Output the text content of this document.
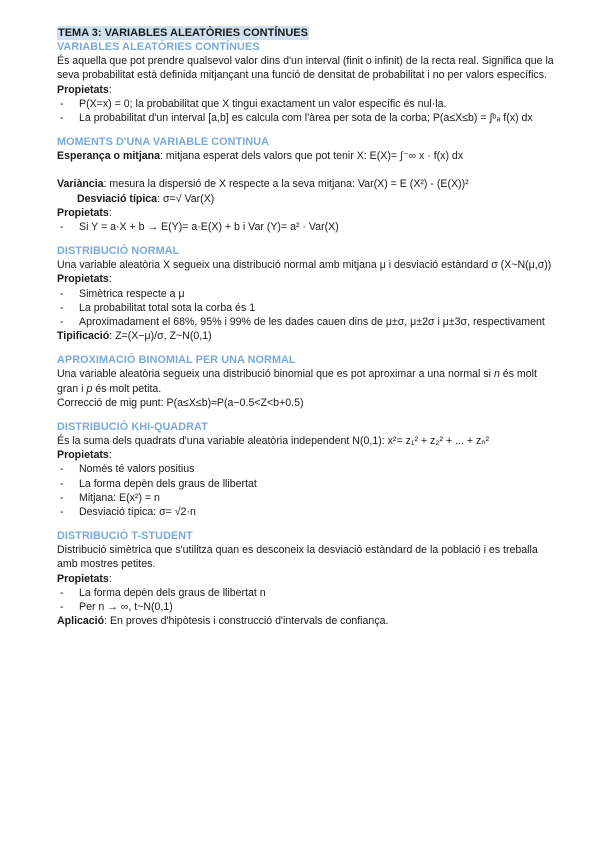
TEMA 3: VARIABLES ALEATÒRIES CONTÍNUES
VARIABLES ALEATÒRIES CONTÍNUES

És aquella que pot prendre qualsevol valor dins d'un interval (finit o infinit) de la recta real. Significa que la seva probabilitat està definida mitjançant una funció de densitat de probabilitat i no per valors específics.

Propietats:

- P(X=x) = 0; la probabilitat que X tingui exactament un valor específic és nul·la.
- La probabilitat d'un interval [a,b] es calcula com l'àrea per sota de la corba; P(a≤X≤b) = ∫ᵇₐ f(x) dx
MOMENTS D'UNA VARIABLE CONTINUA

Esperança o mitjana: mitjana esperat dels valors que pot tenir X: E(X)= ∫⁻∞ x · f(x) dx

Variància: mesura la dispersió de X respecte a la seva mitjana: Var(X) = E (X²) - (E(X))²

Desviació típica: σ=√ Var(X)

Propietats:

- Si Y = a·X + b → E(Y)= a·E(X) + b i Var (Y)= a² · Var(X)
DISTRIBUCIÓ NORMAL

Una variable aleatòria X segueix una distribució normal amb mitjana μ i desviació estàndard σ (X~N(μ,σ))

Propietats:

- Simètrica respecte a μ
- La probabilitat total sota la corba és 1
- Aproximadament el 68%, 95% i 99% de les dades cauen dins de μ±σ, μ±2σ i μ±3σ, respectivament

Tipificació: Z=(X−μ)/σ, Z~N(0,1)

APROXIMACIÓ BINOMIAL PER UNA NORMAL

Una variable aleatòria segueix una distribució binomial que es pot aproximar a una normal si n és molt gran i p és molt petita.

Correcció de mig punt: P(a≤X≤b)≈P(a−0.5<Z<b+0.5)

DISTRIBUCIÓ KHI-QUADRAT

És la suma dels quadrats d'una variable aleatòria independent N(0,1): x²= z₁² + z₂² + ... + zₙ²

Propietats:

- Només té valors positius
- La forma depèn dels graus de llibertat
- Mitjana: E(x²) = n
- Desviació típica: σ= √2·n
DISTRIBUCIÓ T-STUDENT

Distribució simètrica que s'utilitza quan es desconeix la desviació estàndard de la població i es treballa amb mostres petites.

Propietats:

- La forma depèn dels graus de llibertat n
- Per n → ∞, t~N(0,1)

Aplicació: En proves d'hipòtesis i construcció d'intervals de confiança.
